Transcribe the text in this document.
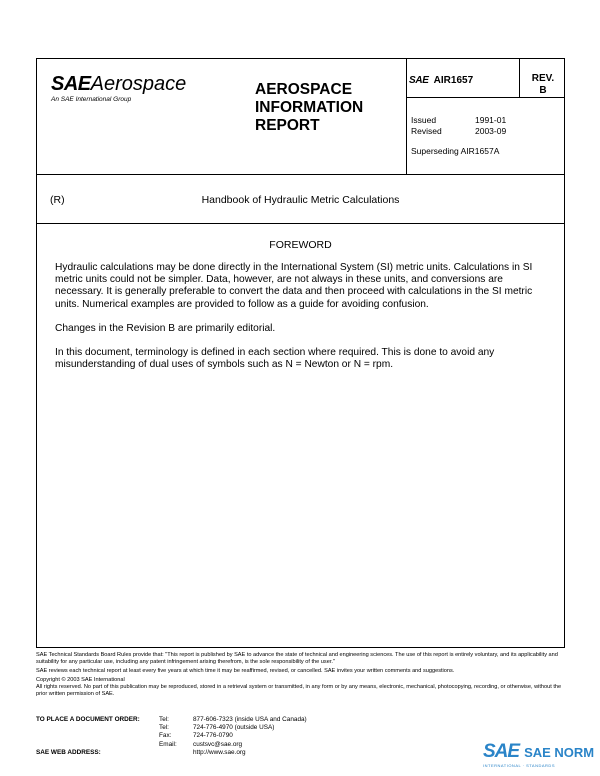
SAEAerospace
An SAE International Group
AEROSPACE
INFORMATION
REPORT
SAE AIR1657	REV.
B
Issued	1991-01
Revised	2003-09
Superseding AIR1657A
(R)	Handbook of Hydraulic Metric Calculations
FOREWORD

Hydraulic calculations may be done directly in the International System (SI) metric units. Calculations in SI metric units could not be simpler. Data, however, are not always in these units, and conversions are necessary. It is generally preferable to convert the data and then proceed with calculations in the SI metric units. Numerical examples are provided to follow as a guide for avoiding confusion.

Changes in the Revision B are primarily editorial.

In this document, terminology is defined in each section where required. This is done to avoid any misunderstanding of dual uses of symbols such as N = Newton or N = rpm.

SAE Technical Standards Board Rules provide that: "This report is published by SAE to advance the state of technical and engineering sciences. The use of this report is entirely voluntary, and its applicability and suitability for any particular use, including any patent infringement arising therefrom, is the sole responsibility of the user."

SAE reviews each technical report at least every five years at which time it may be reaffirmed, revised, or cancelled. SAE invites your written comments and suggestions.

Copyright © 2003 SAE International

All rights reserved. No part of this publication may be reproduced, stored in a retrieval system or transmitted, in any form or by any means, electronic, mechanical, photocopying, recording, or otherwise, without the prior written permission of SAE.

TO PLACE A DOCUMENT ORDER:	Tel:	877-606-7323 (inside USA and Canada)
Tel:	724-776-4970 (outside USA)
Fax:	724-776-0790
Email:	custsvc@sae.org
SAE WEB ADDRESS:	http://www.sae.org	SAE SAE NORM
INTERNATIONAL · STANDARDS
